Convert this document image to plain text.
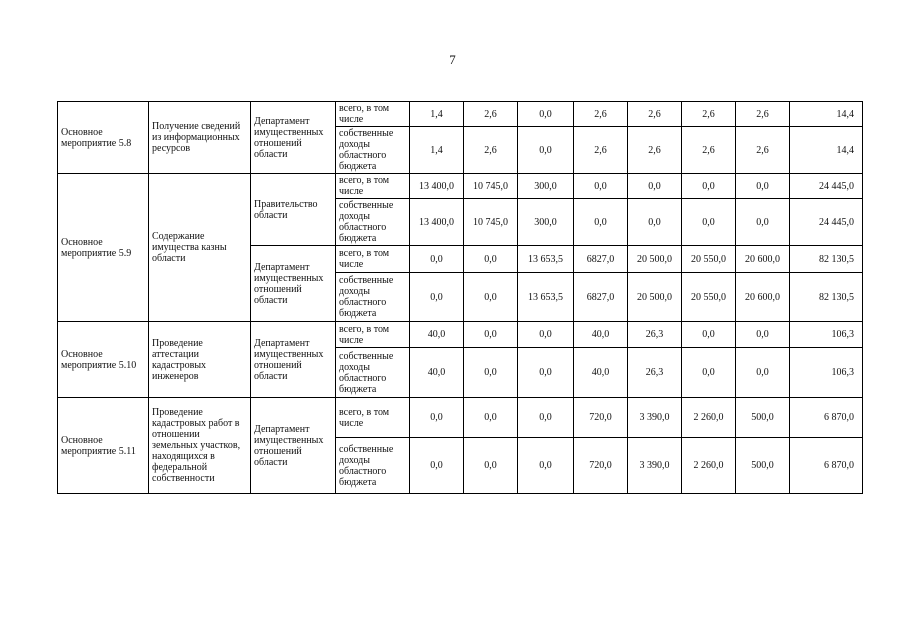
7
Основное мероприятие 5.8	Получение сведений из информационных ресурсов	Департамент имущественных отношений области	всего, в том числе	1,4	2,6	0,0	2,6	2,6	2,6	2,6	14,4
			собственные доходы областного бюджета	1,4	2,6	0,0	2,6	2,6	2,6	2,6	14,4
Основное мероприятие 5.9	Содержание имущества казны области	Правительство области	всего, в том числе	13 400,0	10 745,0	300,0	0,0	0,0	0,0	0,0	24 445,0
			собственные доходы областного бюджета	13 400,0	10 745,0	300,0	0,0	0,0	0,0	0,0	24 445,0
		Департамент имущественных отношений области	всего, в том числе	0,0	0,0	13 653,5	6827,0	20 500,0	20 550,0	20 600,0	82 130,5
			собственные доходы областного бюджета	0,0	0,0	13 653,5	6827,0	20 500,0	20 550,0	20 600,0	82 130,5
Основное мероприятие 5.10	Проведение аттестации кадастровых инженеров	Департамент имущественных отношений области	всего, в том числе	40,0	0,0	0,0	40,0	26,3	0,0	0,0	106,3
			собственные доходы областного бюджета	40,0	0,0	0,0	40,0	26,3	0,0	0,0	106,3
Основное мероприятие 5.11	Проведение кадастровых работ в отношении земельных участков, находящихся в федеральной собственности	Департамент имущественных отношений области	всего, в том числе	0,0	0,0	0,0	720,0	3 390,0	2 260,0	500,0	6 870,0
			собственные доходы областного бюджета	0,0	0,0	0,0	720,0	3 390,0	2 260,0	500,0	6 870,0
